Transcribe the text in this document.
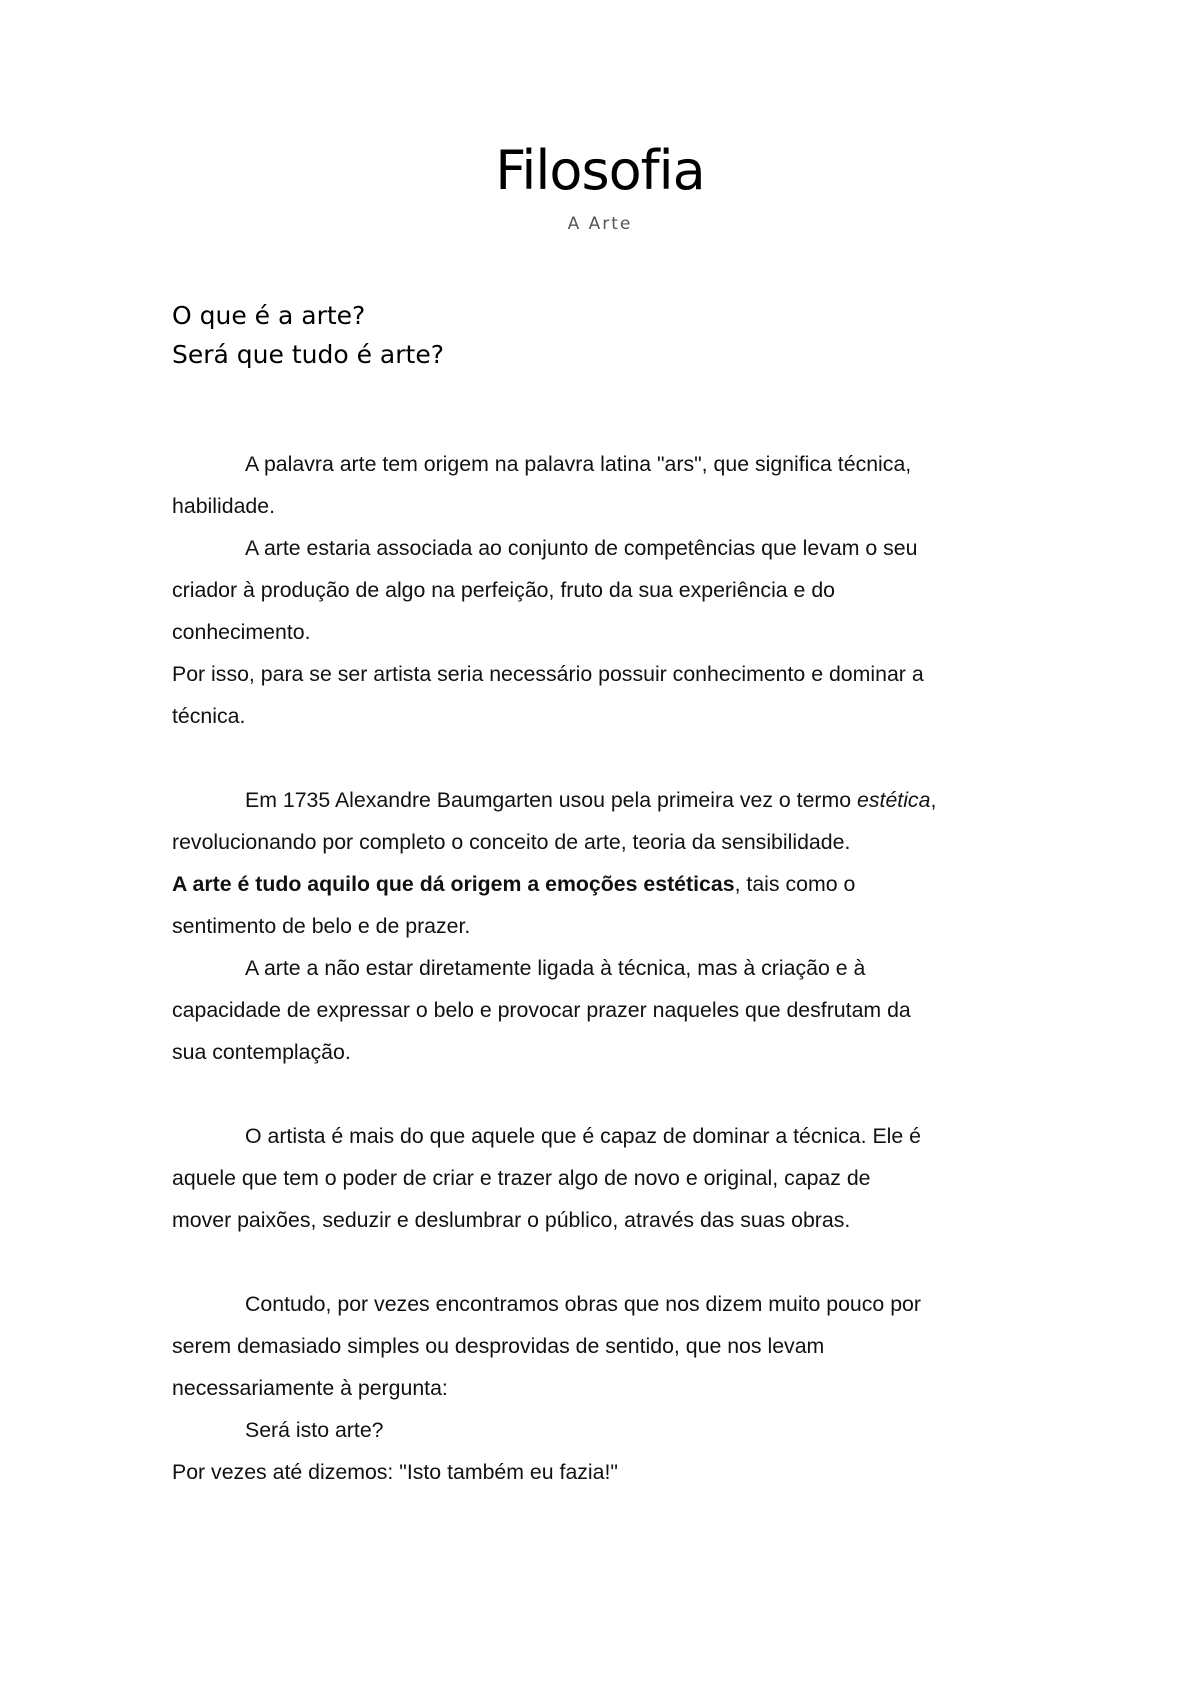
Filosofia
A Arte
O que é a arte?
Será que tudo é arte?
A palavra arte tem origem na palavra latina "ars", que significa técnica,
habilidade.
A arte estaria associada ao conjunto de competências que levam o seu
criador à produção de algo na perfeição, fruto da sua experiência e do
conhecimento.
Por isso, para se ser artista seria necessário possuir conhecimento e dominar a
técnica.
Em 1735 Alexandre Baumgarten usou pela primeira vez o termo estética,
revolucionando por completo o conceito de arte, teoria da sensibilidade.
A arte é tudo aquilo que dá origem a emoções estéticas, tais como o
sentimento de belo e de prazer.
A arte a não estar diretamente ligada à técnica, mas à criação e à
capacidade de expressar o belo e provocar prazer naqueles que desfrutam da
sua contemplação.
O artista é mais do que aquele que é capaz de dominar a técnica. Ele é
aquele que tem o poder de criar e trazer algo de novo e original, capaz de
mover paixões, seduzir e deslumbrar o público, através das suas obras.
Contudo, por vezes encontramos obras que nos dizem muito pouco por
serem demasiado simples ou desprovidas de sentido, que nos levam
necessariamente à pergunta:
Será isto arte?
Por vezes até dizemos: "Isto também eu fazia!"
